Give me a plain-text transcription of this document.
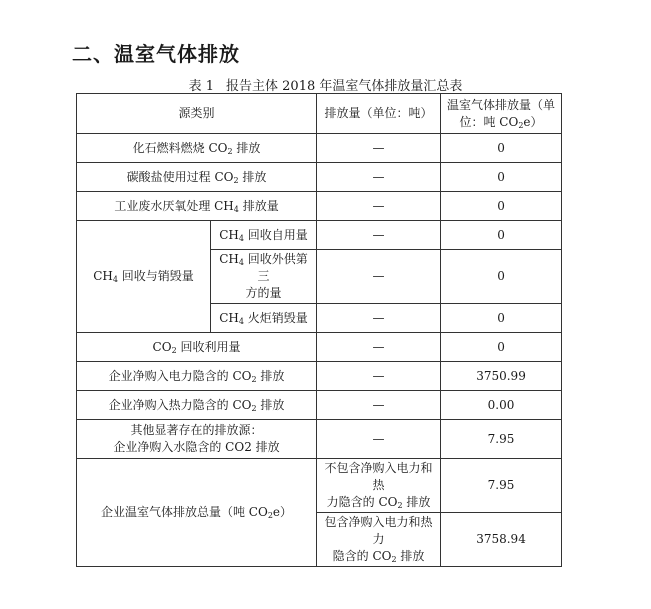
二、温室气体排放
表 1 报告主体 2018 年温室气体排放量汇总表
源类别		排放量（单位：吨）	温室气体排放量（单
位：吨 $CO_2e$）
化石燃料燃烧 $CO_2$ 排放		—	0
碳酸盐使用过程 $CO_2$ 排放		—	0
工业废水厌氧处理 $CH_4$ 排放量		—	0
$CH_4$ 回收与销毁量	$CH_4$ 回收自用量	—	0

	$CH_4$ 回收外供第三
方的量	—	0
	$CH_4$ 火炬销毁量	—	0
$CO_2$ 回收利用量		—	0
企业净购入电力隐含的 $CO_2$ 排放		—	3750.99
企业净购入热力隐含的 $CO_2$ 排放		—	0.00

其他显著存在的排放源：
企业净购入水隐含的 CO2 排放		—	7.95
企业温室气体排放总量（吨 $CO_2e$）		不包含净购入电力和热
力隐含的 $CO_2$ 排放	7.95

		包含净购入电力和热力
隐含的 $CO_2$ 排放	3758.94
